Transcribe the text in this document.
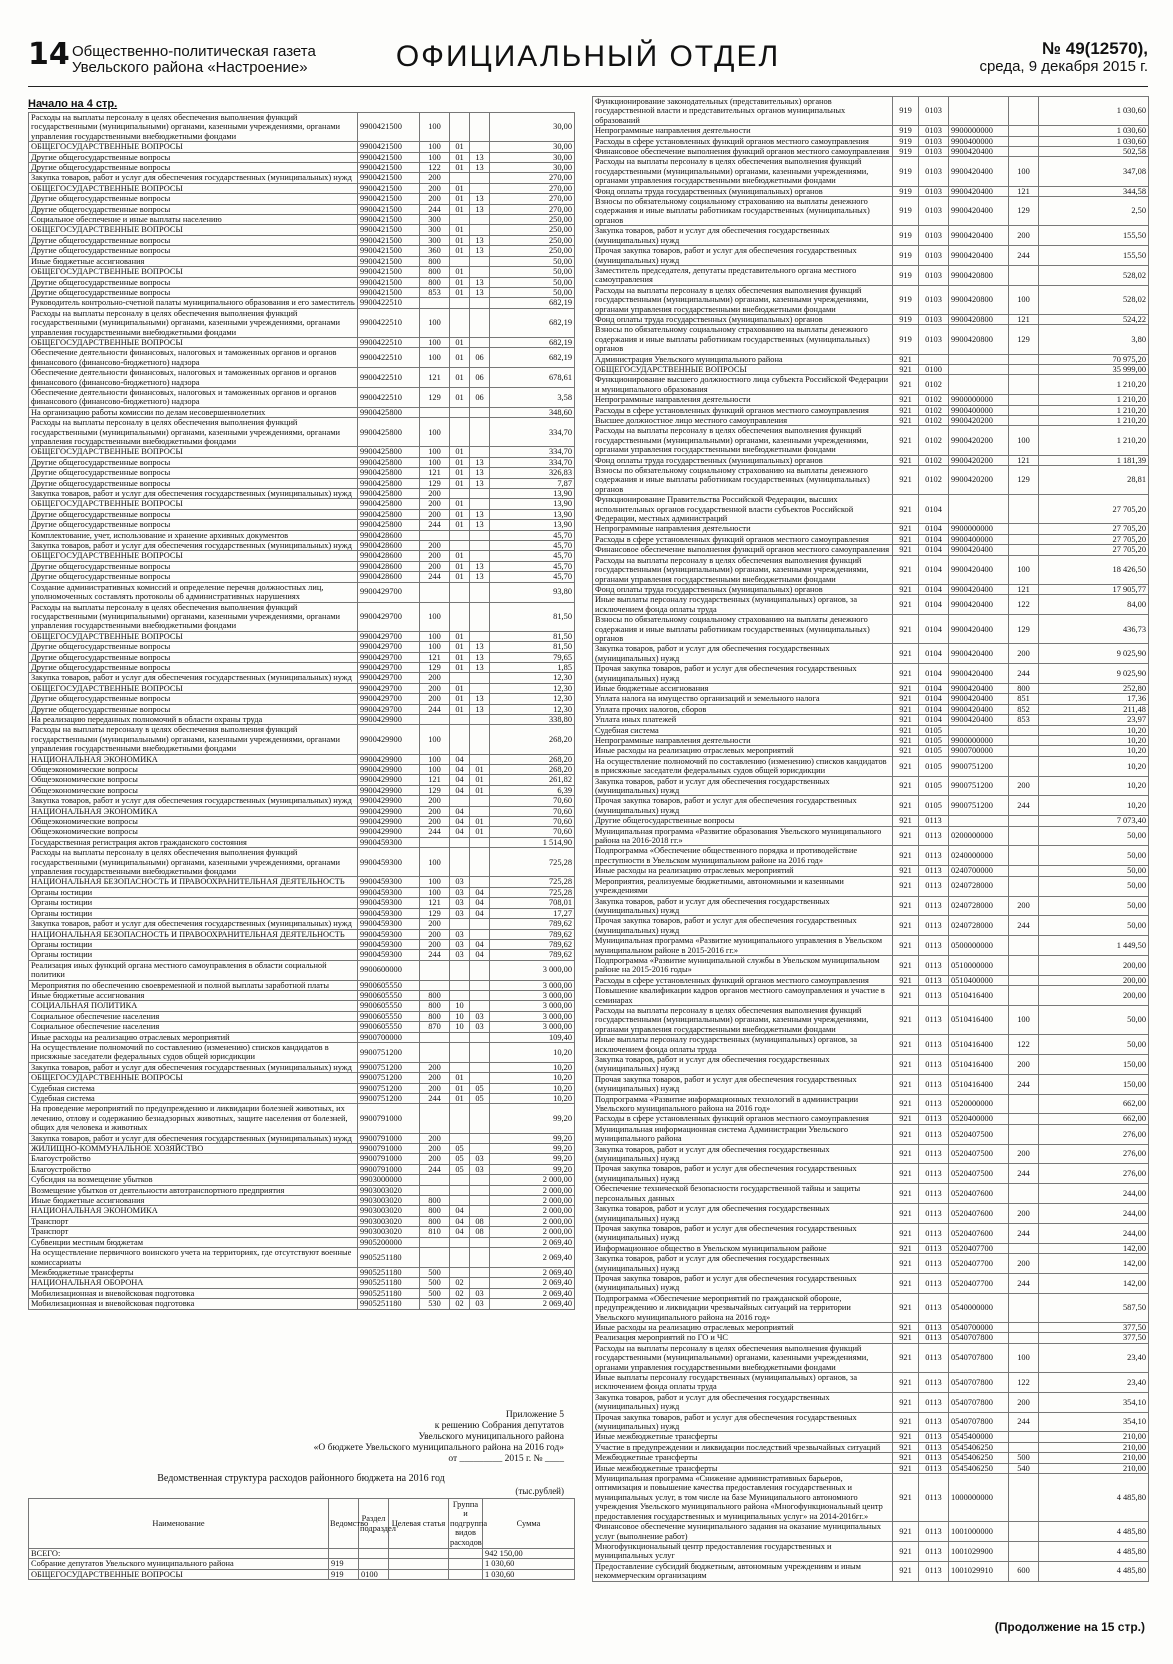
14 Общественно-политическая газета
Увельского района «Настроение»	ОФИЦИАЛЬНЫЙ ОТДЕЛ	№ 49(12570),
среда, 9 декабря 2015 г.
Начало на 4 стр.
Расходы на выплаты персоналу в целях обеспечения выполнения функций государственными (муниципальными) органами, казенными учреждениями, органами управления государственными внебюджетными фондами	9900421500	100			30,00
ОБЩЕГОСУДАРСТВЕННЫЕ ВОПРОСЫ	9900421500	100	01		30,00
Другие общегосударственные вопросы	9900421500	100	01	13	30,00
Другие общегосударственные вопросы	9900421500	122	01	13	30,00
Закупка товаров, работ и услуг для обеспечения государственных (муниципальных) нужд	9900421500	200			270,00
ОБЩЕГОСУДАРСТВЕННЫЕ ВОПРОСЫ	9900421500	200	01		270,00
Другие общегосударственные вопросы	9900421500	200	01	13	270,00
Другие общегосударственные вопросы	9900421500	244	01	13	270,00
Социальное обеспечение и иные выплаты населению	9900421500	300			250,00
ОБЩЕГОСУДАРСТВЕННЫЕ ВОПРОСЫ	9900421500	300	01		250,00
Другие общегосударственные вопросы	9900421500	300	01	13	250,00
Другие общегосударственные вопросы	9900421500	360	01	13	250,00
Иные бюджетные ассигнования	9900421500	800			50,00
ОБЩЕГОСУДАРСТВЕННЫЕ ВОПРОСЫ	9900421500	800	01		50,00
Другие общегосударственные вопросы	9900421500	800	01	13	50,00
Другие общегосударственные вопросы	9900421500	853	01	13	50,00
Руководитель контрольно-счетной палаты муниципального образования и его заместитель	9900422510				682,19
Расходы на выплаты персоналу в целях обеспечения выполнения функций государственными (муниципальными) органами, казенными учреждениями, органами управления государственными внебюджетными фондами	9900422510	100			682,19
ОБЩЕГОСУДАРСТВЕННЫЕ ВОПРОСЫ	9900422510	100	01		682,19
Обеспечение деятельности финансовых, налоговых и таможенных органов и органов финансового (финансово-бюджетного) надзора	9900422510	100	01	06	682,19
Обеспечение деятельности финансовых, налоговых и таможенных органов и органов финансового (финансово-бюджетного) надзора	9900422510	121	01	06	678,61
Обеспечение деятельности финансовых, налоговых и таможенных органов и органов финансового (финансово-бюджетного) надзора	9900422510	129	01	06	3,58
На организацию работы комиссии по делам несовершеннолетних	9900425800				348,60
Расходы на выплаты персоналу в целях обеспечения выполнения функций государственными (муниципальными) органами, казенными учреждениями, органами управления государственными внебюджетными фондами	9900425800	100			334,70
ОБЩЕГОСУДАРСТВЕННЫЕ ВОПРОСЫ	9900425800	100	01		334,70
Другие общегосударственные вопросы	9900425800	100	01	13	334,70
Другие общегосударственные вопросы	9900425800	121	01	13	326,83
Другие общегосударственные вопросы	9900425800	129	01	13	7,87
Закупка товаров, работ и услуг для обеспечения государственных (муниципальных) нужд	9900425800	200			13,90
ОБЩЕГОСУДАРСТВЕННЫЕ ВОПРОСЫ	9900425800	200	01		13,90
Другие общегосударственные вопросы	9900425800	200	01	13	13,90
Другие общегосударственные вопросы	9900425800	244	01	13	13,90
Комплектование, учет, использование и хранение архивных документов	9900428600				45,70
Закупка товаров, работ и услуг для обеспечения государственных (муниципальных) нужд	9900428600	200			45,70
ОБЩЕГОСУДАРСТВЕННЫЕ ВОПРОСЫ	9900428600	200	01		45,70
Другие общегосударственные вопросы	9900428600	200	01	13	45,70
Другие общегосударственные вопросы	9900428600	244	01	13	45,70
Создание административных комиссий и определение перечня должностных лиц, уполномоченных составлять протоколы об административных нарушениях	9900429700				93,80
Расходы на выплаты персоналу в целях обеспечения выполнения функций государственными (муниципальными) органами, казенными учреждениями, органами управления государственными внебюджетными фондами	9900429700	100			81,50
ОБЩЕГОСУДАРСТВЕННЫЕ ВОПРОСЫ	9900429700	100	01		81,50
Другие общегосударственные вопросы	9900429700	100	01	13	81,50
Другие общегосударственные вопросы	9900429700	121	01	13	79,65
Другие общегосударственные вопросы	9900429700	129	01	13	1,85
Закупка товаров, работ и услуг для обеспечения государственных (муниципальных) нужд	9900429700	200			12,30
ОБЩЕГОСУДАРСТВЕННЫЕ ВОПРОСЫ	9900429700	200	01		12,30
Другие общегосударственные вопросы	9900429700	200	01	13	12,30
Другие общегосударственные вопросы	9900429700	244	01	13	12,30
На реализацию переданных полномочий в области охраны труда	9900429900				338,80
Расходы на выплаты персоналу в целях обеспечения выполнения функций государственными (муниципальными) органами, казенными учреждениями, органами управления государственными внебюджетными фондами	9900429900	100			268,20
НАЦИОНАЛЬНАЯ ЭКОНОМИКА	9900429900	100	04		268,20
Общеэкономические вопросы	9900429900	100	04	01	268,20
Общеэкономические вопросы	9900429900	121	04	01	261,82
Общеэкономические вопросы	9900429900	129	04	01	6,39
Закупка товаров, работ и услуг для обеспечения государственных (муниципальных) нужд	9900429900	200			70,60
НАЦИОНАЛЬНАЯ ЭКОНОМИКА	9900429900	200	04		70,60
Общеэкономические вопросы	9900429900	200	04	01	70,60
Общеэкономические вопросы	9900429900	244	04	01	70,60
Государственная регистрация актов гражданского состояния	9900459300				1 514,90
Расходы на выплаты персоналу в целях обеспечения выполнения функций государственными (муниципальными) органами, казенными учреждениями, органами управления государственными внебюджетными фондами	9900459300	100			725,28
НАЦИОНАЛЬНАЯ БЕЗОПАСНОСТЬ И ПРАВООХРАНИТЕЛЬНАЯ ДЕЯТЕЛЬНОСТЬ	9900459300	100	03		725,28
Органы юстиции	9900459300	100	03	04	725,28
Органы юстиции	9900459300	121	03	04	708,01
Органы юстиции	9900459300	129	03	04	17,27
Закупка товаров, работ и услуг для обеспечения государственных (муниципальных) нужд	9900459300	200			789,62
НАЦИОНАЛЬНАЯ БЕЗОПАСНОСТЬ И ПРАВООХРАНИТЕЛЬНАЯ ДЕЯТЕЛЬНОСТЬ	9900459300	200	03		789,62
Органы юстиции	9900459300	200	03	04	789,62
Органы юстиции	9900459300	244	03	04	789,62
Реализация иных функций органа местного самоуправления в области социальной политики	9900600000				3 000,00
Мероприятия по обеспечению своевременной и полной выплаты заработной платы	9900605550				3 000,00
Иные бюджетные ассигнования	9900605550	800			3 000,00
СОЦИАЛЬНАЯ ПОЛИТИКА	9900605550	800	10		3 000,00
Социальное обеспечение населения	9900605550	800	10	03	3 000,00
Социальное обеспечение населения	9900605550	870	10	03	3 000,00
Иные расходы на реализацию отраслевых мероприятий	9900700000				109,40
На осуществление полномочий по составлению (изменению) списков кандидатов в присяжные заседатели федеральных судов общей юрисдикции	9900751200				10,20
Закупка товаров, работ и услуг для обеспечения государственных (муниципальных) нужд	9900751200	200			10,20
ОБЩЕГОСУДАРСТВЕННЫЕ ВОПРОСЫ	9900751200	200	01		10,20
Судебная система	9900751200	200	01	05	10,20
Судебная система	9900751200	244	01	05	10,20
На проведение мероприятий по предупреждению и ликвидации болезней животных, их лечению, отлову и содержанию безнадзорных животных, защите населения от болезней, общих для человека и животных	9900791000				99,20
Закупка товаров, работ и услуг для обеспечения государственных (муниципальных) нужд	9900791000	200			99,20
ЖИЛИЩНО-КОММУНАЛЬНОЕ ХОЗЯЙСТВО	9900791000	200	05		99,20
Благоустройство	9900791000	200	05	03	99,20
Благоустройство	9900791000	244	05	03	99,20
Субсидия на возмещение убытков	9903000000				2 000,00
Возмещение убытков от деятельности автотранспортного предприятия	9903003020				2 000,00
Иные бюджетные ассигнования	9903003020	800			2 000,00
НАЦИОНАЛЬНАЯ ЭКОНОМИКА	9903003020	800	04		2 000,00
Транспорт	9903003020	800	04	08	2 000,00
Транспорт	9903003020	810	04	08	2 000,00
Субвенции местным бюджетам	9905200000				2 069,40
На осуществление первичного воинского учета на территориях, где отсутствуют военные комиссариаты	9905251180				2 069,40
Межбюджетные трансферты	9905251180	500			2 069,40
НАЦИОНАЛЬНАЯ ОБОРОНА	9905251180	500	02		2 069,40
Мобилизационная и вневойсковая подготовка	9905251180	500	02	03	2 069,40
Мобилизационная и вневойсковая подготовка	9905251180	530	02	03	2 069,40
Приложение 5
к решению Собрания депутатов
Увельского муниципального района
«О бюджете Увельского муниципального района на 2016 год»
от _________ 2015 г. № ____
Ведомственная структура расходов районного бюджета на 2016 год
(тыс.рублей)
Наименование	Ведомство	Раздел подраздел	Целевая статья	Группа и подгруппа видов расходов	Сумма
ВСЕГО:					942 150,00
Собрание депутатов Увельского муниципального района	919				1 030,60
ОБЩЕГОСУДАРСТВЕННЫЕ ВОПРОСЫ	919	0100			1 030,60
Функционирование законодательных (представительных) органов государственной власти и представительных органов муниципальных образований	919	0103			1 030,60
Непрограммные направления деятельности	919	0103	9900000000		1 030,60
Расходы в сфере установленных функций органов местного самоуправления	919	0103	9900400000		1 030,60
Финансовое обеспечение выполнения функций органов местного самоуправления	919	0103	9900420400		502,58
Расходы на выплаты персоналу в целях обеспечения выполнения функций государственными (муниципальными) органами, казенными учреждениями, органами управления государственными внебюджетными фондами	919	0103	9900420400	100	347,08
Фонд оплаты труда государственных (муниципальных) органов	919	0103	9900420400	121	344,58
Взносы по обязательному социальному страхованию на выплаты денежного содержания и иные выплаты работникам государственных (муниципальных) органов	919	0103	9900420400	129	2,50
Закупка товаров, работ и услуг для обеспечения государственных (муниципальных) нужд	919	0103	9900420400	200	155,50
Прочая закупка товаров, работ и услуг для обеспечения государственных (муниципальных) нужд	919	0103	9900420400	244	155,50
Заместитель председателя, депутаты представительного органа местного самоуправления	919	0103	9900420800		528,02
Расходы на выплаты персоналу в целях обеспечения выполнения функций государственными (муниципальными) органами, казенными учреждениями, органами управления государственными внебюджетными фондами	919	0103	9900420800	100	528,02
Фонд оплаты труда государственных (муниципальных) органов	919	0103	9900420800	121	524,22
Взносы по обязательному социальному страхованию на выплаты денежного содержания и иные выплаты работникам государственных (муниципальных) органов	919	0103	9900420800	129	3,80
Администрация Увельского муниципального района	921				70 975,20
ОБЩЕГОСУДАРСТВЕННЫЕ ВОПРОСЫ	921	0100			35 999,00
Функционирование высшего должностного лица субъекта Российской Федерации и муниципального образования	921	0102			1 210,20
Непрограммные направления деятельности	921	0102	9900000000		1 210,20
Расходы в сфере установленных функций органов местного самоуправления	921	0102	9900400000		1 210,20
Высшее должностное лицо местного самоуправления	921	0102	9900420200		1 210,20
Расходы на выплаты персоналу в целях обеспечения выполнения функций государственными (муниципальными) органами, казенными учреждениями, органами управления государственными внебюджетными фондами	921	0102	9900420200	100	1 210,20
Фонд оплаты труда государственных (муниципальных) органов	921	0102	9900420200	121	1 181,39
Взносы по обязательному социальному страхованию на выплаты денежного содержания и иные выплаты работникам государственных (муниципальных) органов	921	0102	9900420200	129	28,81
Функционирование Правительства Российской Федерации, высших исполнительных органов государственной власти субъектов Российской Федерации, местных администраций	921	0104			27 705,20
Непрограммные направления деятельности	921	0104	9900000000		27 705,20
Расходы в сфере установленных функций органов местного самоуправления	921	0104	9900400000		27 705,20
Финансовое обеспечение выполнения функций органов местного самоуправления	921	0104	9900420400		27 705,20
Расходы на выплаты персоналу в целях обеспечения выполнения функций государственными (муниципальными) органами, казенными учреждениями, органами управления государственными внебюджетными фондами	921	0104	9900420400	100	18 426,50
Фонд оплаты труда государственных (муниципальных) органов	921	0104	9900420400	121	17 905,77
Иные выплаты персоналу государственных (муниципальных) органов, за исключением фонда оплаты труда	921	0104	9900420400	122	84,00
Взносы по обязательному социальному страхованию на выплаты денежного содержания и иные выплаты работникам государственных (муниципальных) органов	921	0104	9900420400	129	436,73
Закупка товаров, работ и услуг для обеспечения государственных (муниципальных) нужд	921	0104	9900420400	200	9 025,90
Прочая закупка товаров, работ и услуг для обеспечения государственных (муниципальных) нужд	921	0104	9900420400	244	9 025,90
Иные бюджетные ассигнования	921	0104	9900420400	800	252,80
Уплата налога на имущество организаций и земельного налога	921	0104	9900420400	851	17,36
Уплата прочих налогов, сборов	921	0104	9900420400	852	211,48
Уплата иных платежей	921	0104	9900420400	853	23,97
Судебная система	921	0105			10,20
Непрограммные направления деятельности	921	0105	9900000000		10,20
Иные расходы на реализацию отраслевых мероприятий	921	0105	9900700000		10,20
На осуществление полномочий по составлению (изменению) списков кандидатов в присяжные заседатели федеральных судов общей юрисдикции	921	0105	9900751200		10,20
Закупка товаров, работ и услуг для обеспечения государственных (муниципальных) нужд	921	0105	9900751200	200	10,20
Прочая закупка товаров, работ и услуг для обеспечения государственных (муниципальных) нужд	921	0105	9900751200	244	10,20
Другие общегосударственные вопросы	921	0113			7 073,40
Муниципальная программа «Развитие образования Увельского муниципального района на 2016-2018 гг.»	921	0113	0200000000		50,00
Подпрограмма «Обеспечение общественного порядка и противодействие преступности в Увельском муниципальном районе на 2016 год»	921	0113	0240000000		50,00
Иные расходы на реализацию отраслевых мероприятий	921	0113	0240700000		50,00
Мероприятия, реализуемые бюджетными, автономными и казенными учреждениями	921	0113	0240728000		50,00
Закупка товаров, работ и услуг для обеспечения государственных (муниципальных) нужд	921	0113	0240728000	200	50,00
Прочая закупка товаров, работ и услуг для обеспечения государственных (муниципальных) нужд	921	0113	0240728000	244	50,00
Муниципальная программа «Развитие муниципального управления в Увельском муниципальном районе в 2015-2016 гг.»	921	0113	0500000000		1 449,50
Подпрограмма «Развитие муниципальной службы в Увельском муниципальном районе на 2015-2016 годы»	921	0113	0510000000		200,00
Расходы в сфере установленных функций органов местного самоуправления	921	0113	0510400000		200,00
Повышение квалификации кадров органов местного самоуправления и участие в семинарах	921	0113	0510416400		200,00
Расходы на выплаты персоналу в целях обеспечения выполнения функций государственными (муниципальными) органами, казенными учреждениями, органами управления государственными внебюджетными фондами	921	0113	0510416400	100	50,00
Иные выплаты персоналу государственных (муниципальных) органов, за исключением фонда оплаты труда	921	0113	0510416400	122	50,00
Закупка товаров, работ и услуг для обеспечения государственных (муниципальных) нужд	921	0113	0510416400	200	150,00
Прочая закупка товаров, работ и услуг для обеспечения государственных (муниципальных) нужд	921	0113	0510416400	244	150,00
Подпрограмма «Развитие информационных технологий в администрации Увельского муниципального района на 2016 год»	921	0113	0520000000		662,00
Расходы в сфере установленных функций органов местного самоуправления	921	0113	0520400000		662,00
Муниципальная информационная система Администрации Увельского муниципального района	921	0113	0520407500		276,00
Закупка товаров, работ и услуг для обеспечения государственных (муниципальных) нужд	921	0113	0520407500	200	276,00
Прочая закупка товаров, работ и услуг для обеспечения государственных (муниципальных) нужд	921	0113	0520407500	244	276,00
Обеспечение технической безопасности государственной тайны и защиты персональных данных	921	0113	0520407600		244,00
Закупка товаров, работ и услуг для обеспечения государственных (муниципальных) нужд	921	0113	0520407600	200	244,00
Прочая закупка товаров, работ и услуг для обеспечения государственных (муниципальных) нужд	921	0113	0520407600	244	244,00
Информационное общество в Увельском муниципальном районе	921	0113	0520407700		142,00
Закупка товаров, работ и услуг для обеспечения государственных (муниципальных) нужд	921	0113	0520407700	200	142,00
Прочая закупка товаров, работ и услуг для обеспечения государственных (муниципальных) нужд	921	0113	0520407700	244	142,00
Подпрограмма «Обеспечение мероприятий по гражданской обороне, предупреждению и ликвидации чрезвычайных ситуаций на территории Увельского муниципального района на 2016 год»	921	0113	0540000000		587,50
Иные расходы на реализацию отраслевых мероприятий	921	0113	0540700000		377,50
Реализация мероприятий по ГО и ЧС	921	0113	0540707800		377,50
Расходы на выплаты персоналу в целях обеспечения выполнения функций государственными (муниципальными) органами, казенными учреждениями, органами управления государственными внебюджетными фондами	921	0113	0540707800	100	23,40
Иные выплаты персоналу государственных (муниципальных) органов, за исключением фонда оплаты труда	921	0113	0540707800	122	23,40
Закупка товаров, работ и услуг для обеспечения государственных (муниципальных) нужд	921	0113	0540707800	200	354,10
Прочая закупка товаров, работ и услуг для обеспечения государственных (муниципальных) нужд	921	0113	0540707800	244	354,10
Иные межбюджетные трансферты	921	0113	0545400000		210,00
Участие в предупреждении и ликвидации последствий чрезвычайных ситуаций	921	0113	0545406250		210,00
Межбюджетные трансферты	921	0113	0545406250	500	210,00
Иные межбюджетные трансферты	921	0113	0545406250	540	210,00
Муниципальная программа «Снижение административных барьеров, оптимизация и повышение качества предоставления государственных и муниципальных услуг, в том числе на базе Муниципального автономного учреждения Увельского муниципального района «Многофункциональный центр предоставления государственных и муниципальных услуг» на 2014-2016гг.»	921	0113	1000000000		4 485,80
Финансовое обеспечение муниципального задания на оказание муниципальных услуг (выполнение работ)	921	0113	1001000000		4 485,80
Многофункциональный центр предоставления государственных и муниципальных услуг	921	0113	1001029900		4 485,80
Предоставление субсидий бюджетным, автономным учреждениям и иным некоммерческим организациям	921	0113	1001029910	600	4 485,80
(Продолжение на 15 стр.)
